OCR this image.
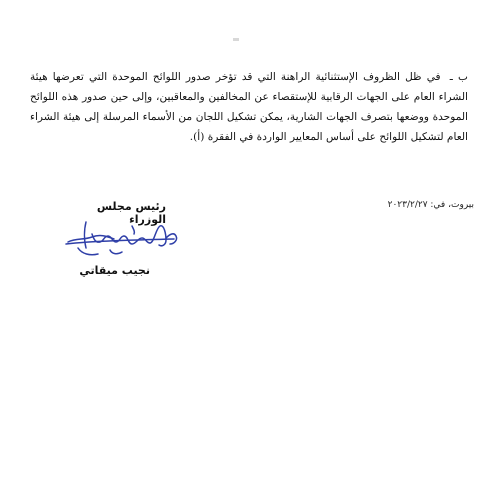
ب ـ في ظل الظروف الإستثنائية الراهنة التي قد تؤخر صدور اللوائح الموحدة التي تعرضها هيئة الشراء العام على الجهات الرقابية للإستقصاء عن المخالفين والمعاقبين، وإلى حين صدور هذه اللوائح الموحدة ووضعها بتصرف الجهات الشارية، يمكن تشكيل اللجان من الأسماء المرسلة إلى هيئة الشراء العام لتشكيل اللوائح على أساس المعايير الواردة في الفقرة (أ).
بيروت، في: ٢٠٢٣/٢/٢٧
رئيس مجلس الوزراء
نجيب ميقاتي
